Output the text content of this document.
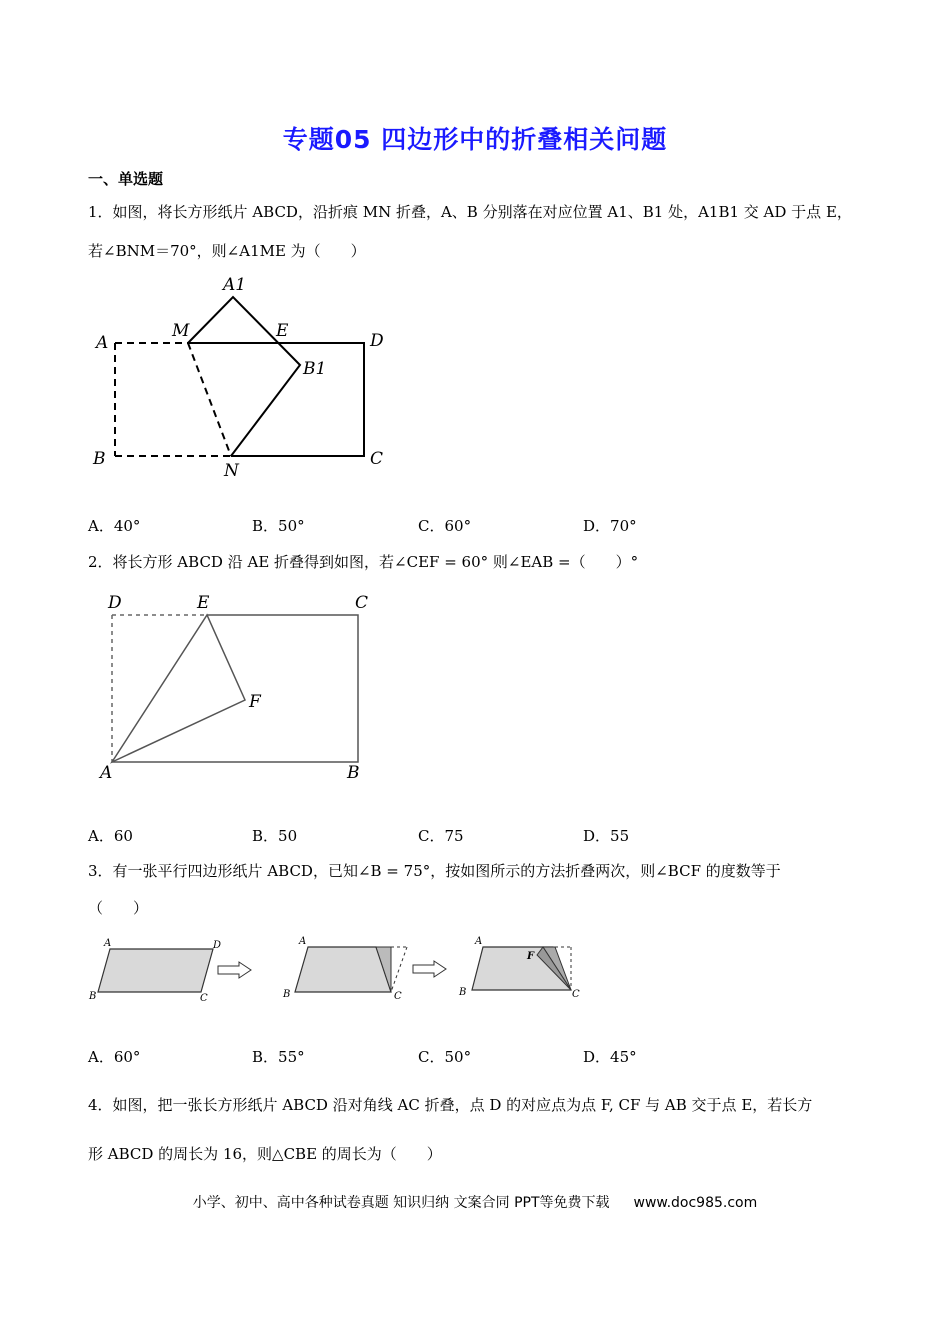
专题05 四边形中的折叠相关问题
一、单选题
1．如图，将长方形纸片 ABCD，沿折痕 MN 折叠，A、B 分别落在对应位置 A1、B1 处，A1B1 交 AD 于点 E，
若∠BNM＝70°，则∠A1ME 为（　　）
A1
M	E	D
A
B1
B
N
C
A．40°	B．50°	C．60°	D．70°
2．将长方形 ABCD 沿 AE 折叠得到如图，若∠CEF = 60° 则∠EAB =（　　）°
D	E	C
F
A	B
A．60	B．50	C．75	D．55
3．有一张平行四边形纸片 ABCD，已知∠B = 75°，按如图所示的方法折叠两次，则∠BCF 的度数等于
（　　）
A	D
B	C
A
B	C
A
F
B	C
A．60°	B．55°	C．50°	D．45°
4．如图，把一张长方形纸片 ABCD 沿对角线 AC 折叠，点 D 的对应点为点 F, CF 与 AB 交于点 E，若长方
形 ABCD 的周长为 16，则△CBE 的周长为（　　）
小学、初中、高中各种试卷真题 知识归纳 文案合同 PPT等免费下载 www.doc985.com
